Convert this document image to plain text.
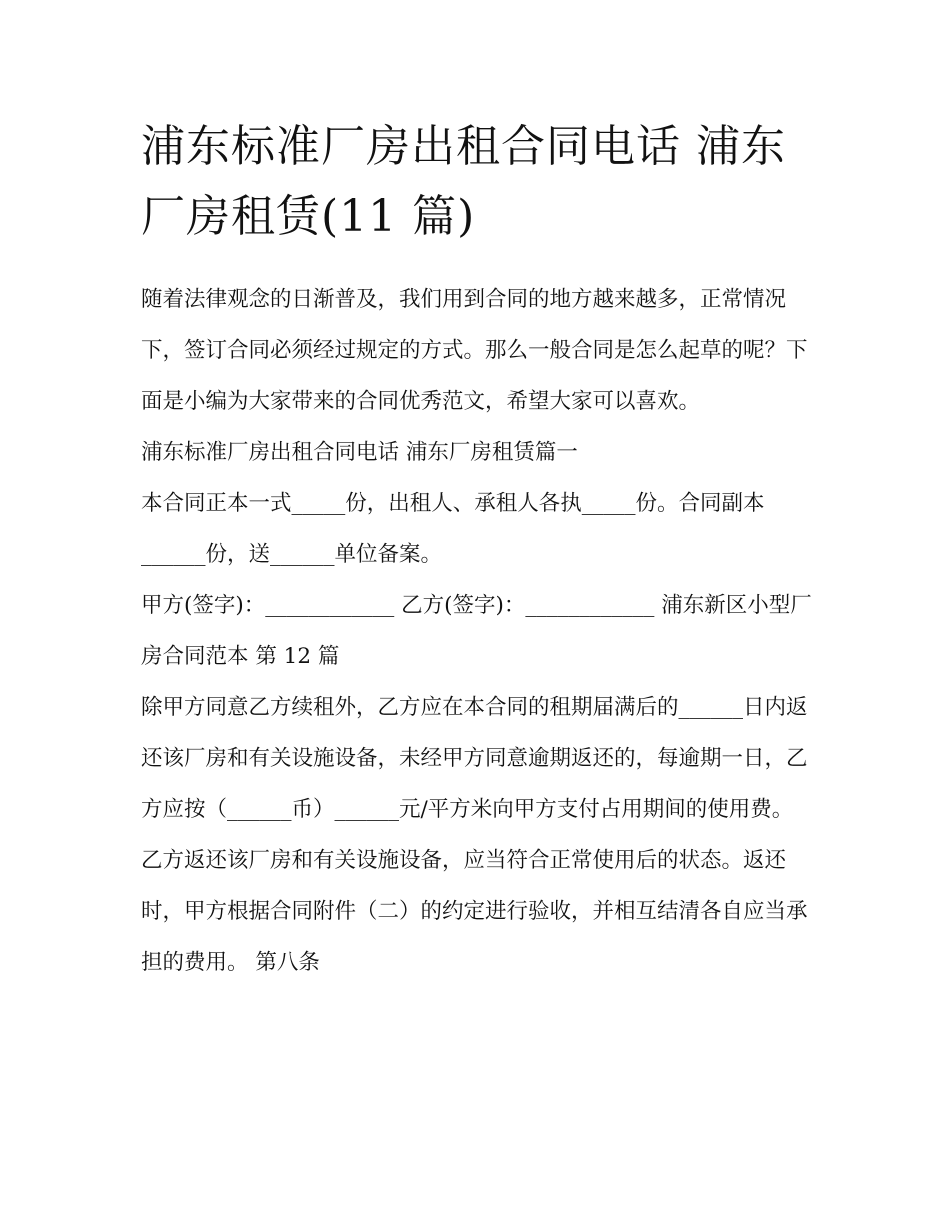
浦东标准厂房出租合同电话 浦东厂房租赁(11 篇)

随着法律观念的日渐普及，我们用到合同的地方越来越多，正常情况下，签订合同必须经过规定的方式。那么一般合同是怎么起草的呢？下面是小编为大家带来的合同优秀范文，希望大家可以喜欢。

浦东标准厂房出租合同电话 浦东厂房租赁篇一

本合同正本一式_____份，出租人、承租人各执_____份。合同副本______份，送______单位备案。

甲方(签字)：____________ 乙方(签字)：____________ 浦东新区小型厂房合同范本 第 12 篇

除甲方同意乙方续租外，乙方应在本合同的租期届满后的______日内返还该厂房和有关设施设备，未经甲方同意逾期返还的，每逾期一日，乙方应按（______币）______元/平方米向甲方支付占用期间的使用费。

乙方返还该厂房和有关设施设备，应当符合正常使用后的状态。返还时，甲方根据合同附件（二）的约定进行验收，并相互结清各自应当承担的费用。 第八条
